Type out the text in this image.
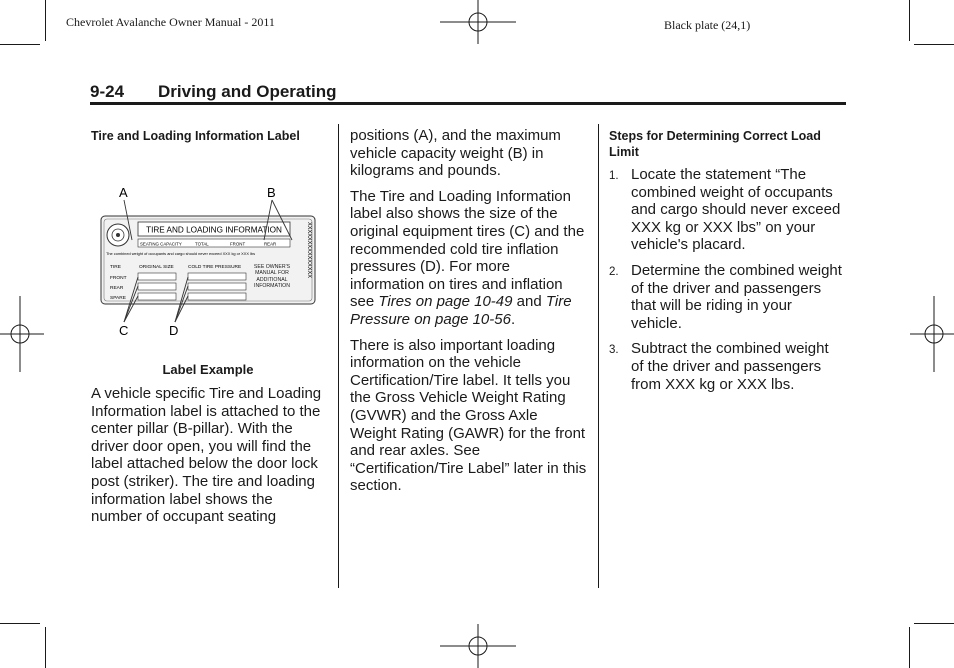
Chevrolet Avalanche Owner Manual - 2011	Black plate (24,1)
9-24 Driving and Operating
Tire and Loading Information Label
A	B
C	D
TIRE AND LOADING INFORMATION
SEATING CAPACITY	TOTAL	FRONT	REAR
The combined weight of occupants and cargo should never exceed XXX kg or XXX lbs
TIRE	ORIGINAL SIZE	COLD TIRE PRESSURE
FRONT
REAR
SPARE
SEE OWNER'S MANUAL FOR ADDITIONAL INFORMATION
XXXXXXXXXXXXXXX
Label Example

A vehicle specific Tire and Loading Information label is attached to the center pillar (B-pillar). With the driver door open, you will find the label attached below the door lock post (striker). The tire and loading information label shows the number of occupant seating

positions (A), and the maximum vehicle capacity weight (B) in kilograms and pounds.

The Tire and Loading Information label also shows the size of the original equipment tires (C) and the recommended cold tire inflation pressures (D). For more information on tires and inflation see Tires on page 10-49 and Tire Pressure on page 10-56.

There is also important loading information on the vehicle Certification/Tire label. It tells you the Gross Vehicle Weight Rating (GVWR) and the Gross Axle Weight Rating (GAWR) for the front and rear axles. See “Certification/Tire Label” later in this section.

Steps for Determining Correct Load Limit
1. Locate the statement “The combined weight of occupants and cargo should never exceed XXX kg or XXX lbs” on your vehicle's placard.
2. Determine the combined weight of the driver and passengers that will be riding in your vehicle.
3. Subtract the combined weight of the driver and passengers from XXX kg or XXX lbs.
